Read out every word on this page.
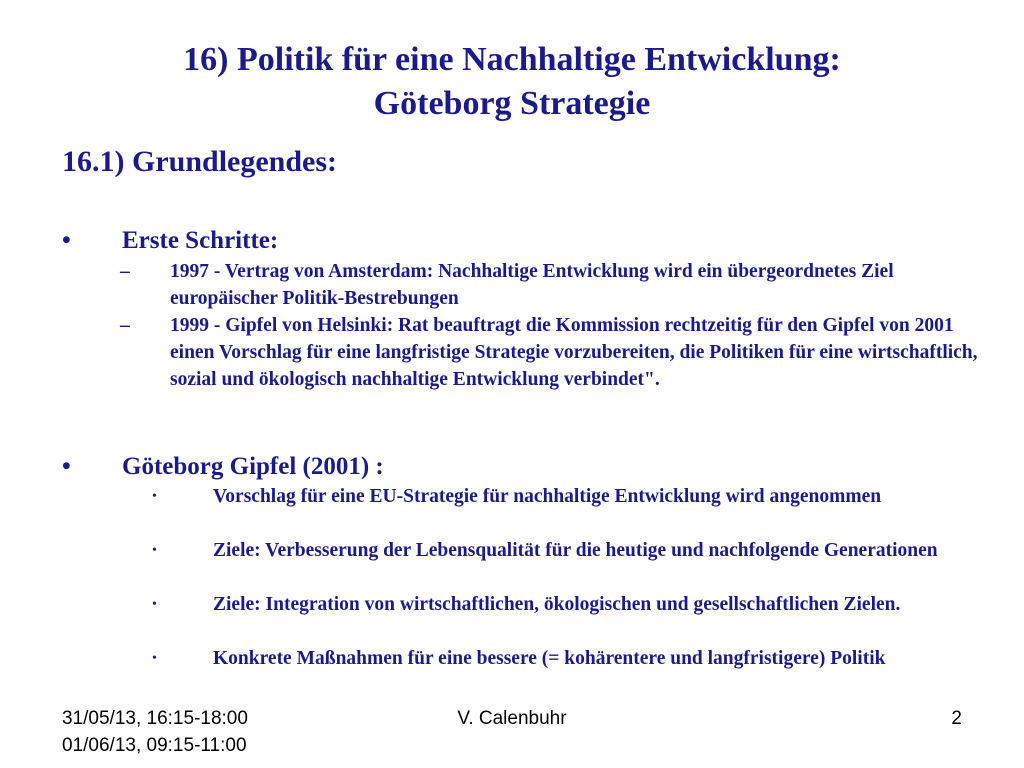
16) Politik für eine Nachhaltige Entwicklung:
Göteborg Strategie
16.1) Grundlegendes:
• Erste Schritte:
– 1997 - Vertrag von Amsterdam: Nachhaltige Entwicklung wird ein übergeordnetes Ziel europäischer Politik-Bestrebungen
– 1999 - Gipfel von Helsinki: Rat beauftragt die Kommission rechtzeitig für den Gipfel von 2001 einen Vorschlag für eine langfristige Strategie vorzubereiten, die Politiken für eine wirtschaftlich, sozial und ökologisch nachhaltige Entwicklung verbindet".
• Göteborg Gipfel (2001) :
•	Vorschlag für eine EU-Strategie für nachhaltige Entwicklung wird angenommen
•	Ziele: Verbesserung der Lebensqualität für die heutige und nachfolgende Generationen
•	Ziele: Integration von wirtschaftlichen, ökologischen und gesellschaftlichen Zielen.
•	Konkrete Maßnahmen für eine bessere (= kohärentere und langfristigere) Politik
31/05/13, 16:15-18:00
01/06/13, 09:15-11:00
V. Calenbuhr	2
